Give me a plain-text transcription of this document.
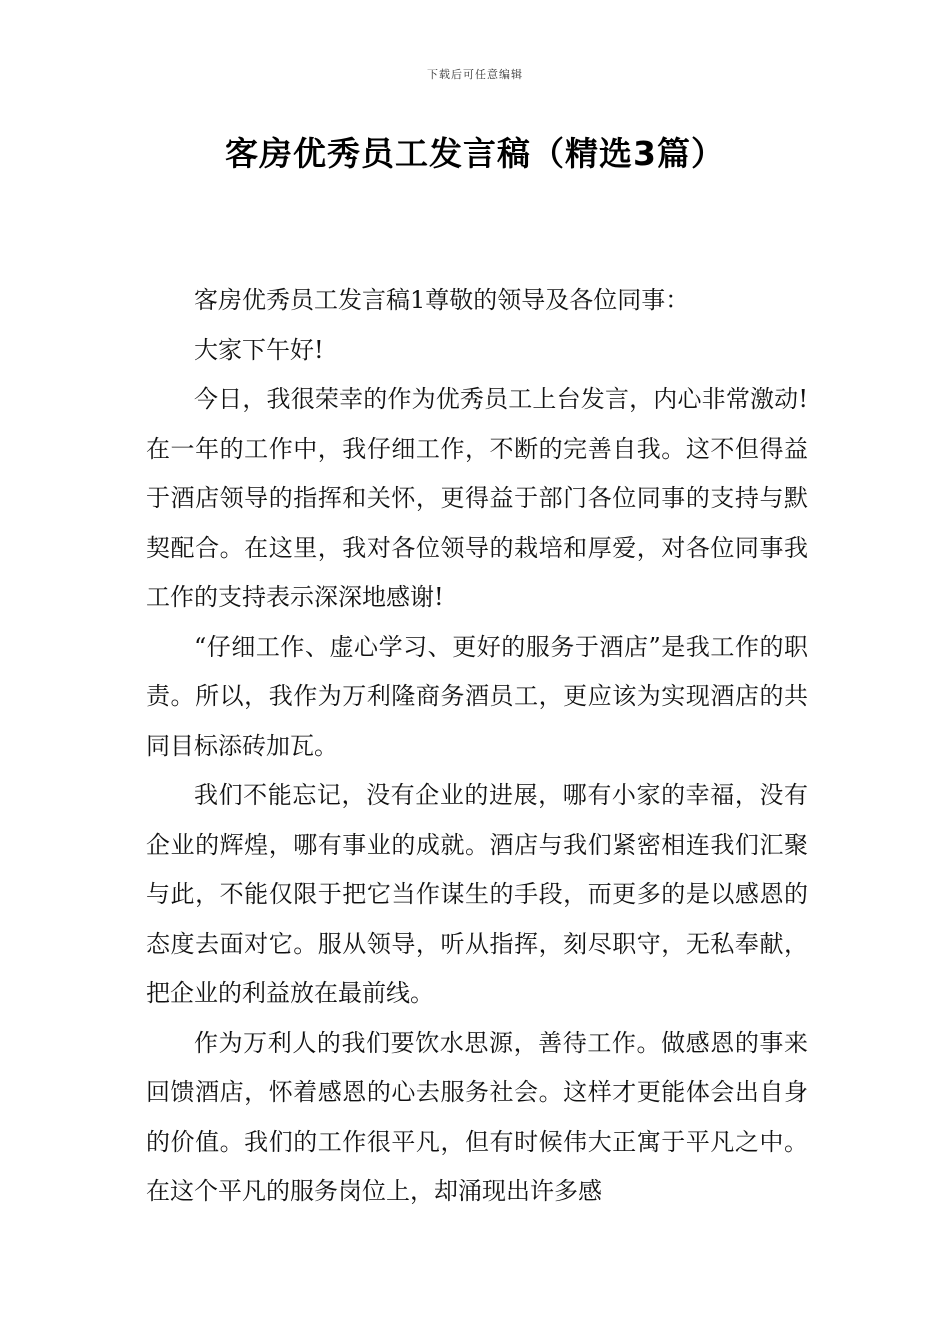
下载后可任意编辑
客房优秀员工发言稿（精选3篇）

客房优秀员工发言稿1尊敬的领导及各位同事：

大家下午好!

今日，我很荣幸的作为优秀员工上台发言，内心非常激动!在一年的工作中，我仔细工作，不断的完善自我。这不但得益于酒店领导的指挥和关怀，更得益于部门各位同事的支持与默契配合。在这里，我对各位领导的栽培和厚爱，对各位同事我工作的支持表示深深地感谢!

“仔细工作、虚心学习、更好的服务于酒店”是我工作的职责。所以，我作为万利隆商务酒员工，更应该为实现酒店的共同目标添砖加瓦。

我们不能忘记，没有企业的进展，哪有小家的幸福，没有企业的辉煌，哪有事业的成就。酒店与我们紧密相连我们汇聚与此，不能仅限于把它当作谋生的手段，而更多的是以感恩的态度去面对它。服从领导，听从指挥，刻尽职守，无私奉献，把企业的利益放在最前线。

作为万利人的我们要饮水思源，善待工作。做感恩的事来回馈酒店，怀着感恩的心去服务社会。这样才更能体会出自身的价值。我们的工作很平凡，但有时候伟大正寓于平凡之中。在这个平凡的服务岗位上，却涌现出许多感
